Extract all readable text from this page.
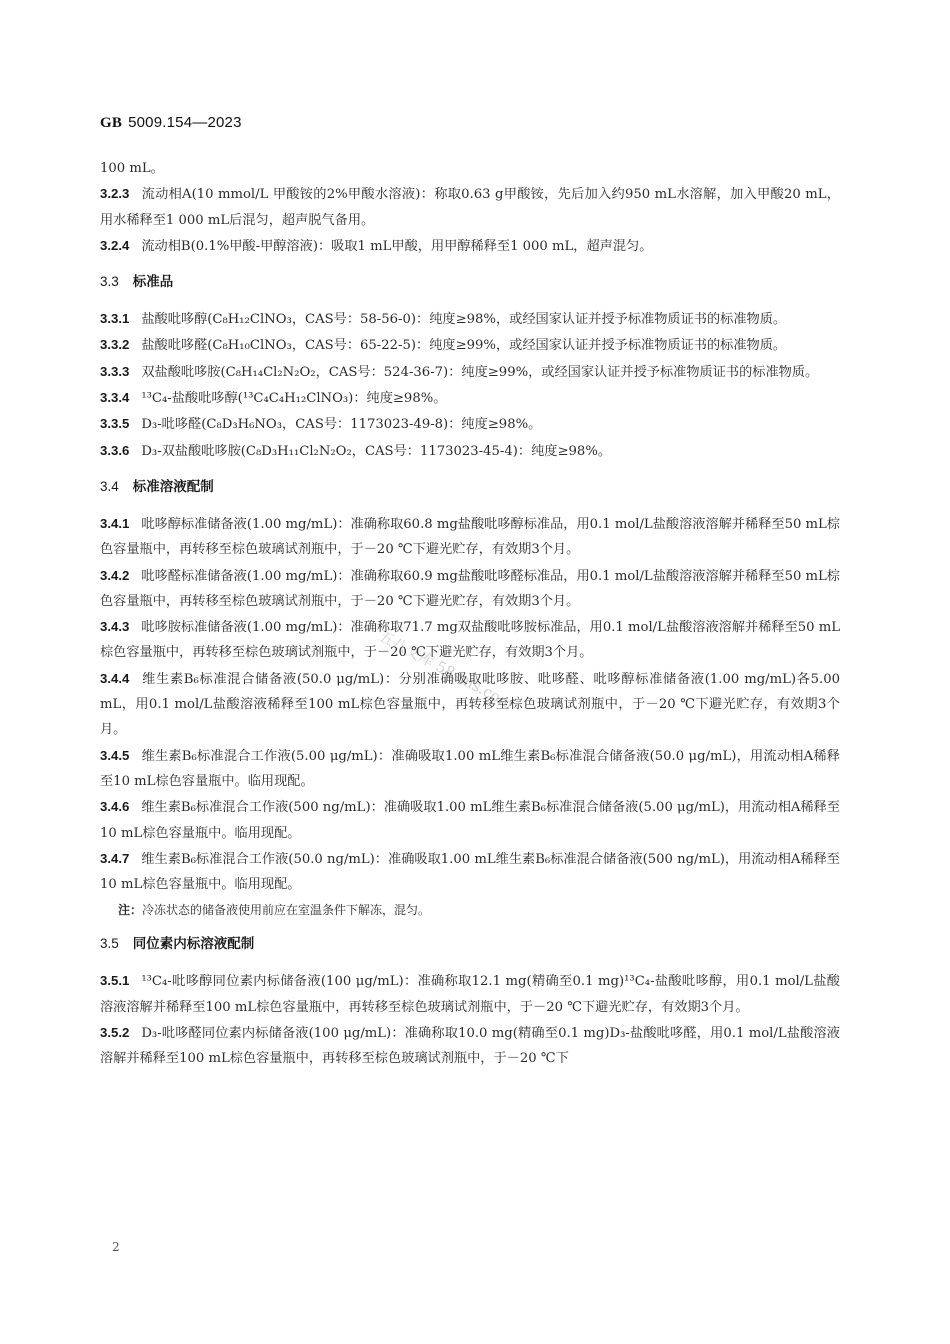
GB 5009.154—2023

100 mL。

3.2.3 流动相A(10 mmol/L 甲酸铵的2%甲酸水溶液)：称取0.63 g甲酸铵，先后加入约950 mL水溶解，加入甲酸20 mL，用水稀释至1 000 mL后混匀，超声脱气备用。

3.2.4 流动相B(0.1%甲酸-甲醇溶液)：吸取1 mL甲酸，用甲醇稀释至1 000 mL，超声混匀。

3.3 标准品

3.3.1 盐酸吡哆醇(C₈H₁₂ClNO₃，CAS号：58-56-0)：纯度≥98%，或经国家认证并授予标准物质证书的标准物质。

3.3.2 盐酸吡哆醛(C₈H₁₀ClNO₃，CAS号：65-22-5)：纯度≥99%，或经国家认证并授予标准物质证书的标准物质。

3.3.3 双盐酸吡哆胺(C₈H₁₄Cl₂N₂O₂，CAS号：524-36-7)：纯度≥99%，或经国家认证并授予标准物质证书的标准物质。

3.3.4 ¹³C₄-盐酸吡哆醇(¹³C₄C₄H₁₂ClNO₃)：纯度≥98%。

3.3.5 D₃-吡哆醛(C₈D₃H₆NO₃，CAS号：1173023-49-8)：纯度≥98%。

3.3.6 D₃-双盐酸吡哆胺(C₈D₃H₁₁Cl₂N₂O₂，CAS号：1173023-45-4)：纯度≥98%。

3.4 标准溶液配制

3.4.1 吡哆醇标准储备液(1.00 mg/mL)：准确称取60.8 mg盐酸吡哆醇标准品，用0.1 mol/L盐酸溶液溶解并稀释至50 mL棕色容量瓶中，再转移至棕色玻璃试剂瓶中，于－20 ℃下避光贮存，有效期3个月。

3.4.2 吡哆醛标准储备液(1.00 mg/mL)：准确称取60.9 mg盐酸吡哆醛标准品，用0.1 mol/L盐酸溶液溶解并稀释至50 mL棕色容量瓶中，再转移至棕色玻璃试剂瓶中，于－20 ℃下避光贮存，有效期3个月。

3.4.3 吡哆胺标准储备液(1.00 mg/mL)：准确称取71.7 mg双盐酸吡哆胺标准品，用0.1 mol/L盐酸溶液溶解并稀释至50 mL棕色容量瓶中，再转移至棕色玻璃试剂瓶中，于－20 ℃下避光贮存，有效期3个月。

3.4.4 维生素B₆标准混合储备液(50.0 μg/mL)：分别准确吸取吡哆胺、吡哆醛、吡哆醇标准储备液(1.00 mg/mL)各5.00 mL，用0.1 mol/L盐酸溶液稀释至100 mL棕色容量瓶中，再转移至棕色玻璃试剂瓶中，于－20 ℃下避光贮存，有效期3个月。

3.4.5 维生素B₆标准混合工作液(5.00 μg/mL)：准确吸取1.00 mL维生素B₆标准混合储备液(50.0 μg/mL)，用流动相A稀释至10 mL棕色容量瓶中。临用现配。

3.4.6 维生素B₆标准混合工作液(500 ng/mL)：准确吸取1.00 mL维生素B₆标准混合储备液(5.00 μg/mL)，用流动相A稀释至10 mL棕色容量瓶中。临用现配。

3.4.7 维生素B₆标准混合工作液(50.0 ng/mL)：准确吸取1.00 mL维生素B₆标准混合储备液(500 ng/mL)，用流动相A稀释至10 mL棕色容量瓶中。临用现配。

注：冷冻状态的储备液使用前应在室温条件下解冻，混匀。
3.5 同位素内标溶液配制

3.5.1 ¹³C₄-吡哆醇同位素内标储备液(100 μg/mL)：准确称取12.1 mg(精确至0.1 mg)¹³C₄-盐酸吡哆醇，用0.1 mol/L盐酸溶液溶解并稀释至100 mL棕色容量瓶中，再转移至棕色玻璃试剂瓶中，于－20 ℃下避光贮存，有效期3个月。

3.5.2 D₃-吡哆醛同位素内标储备液(100 μg/mL)：准确称取10.0 mg(精确至0.1 mg)D₃-盐酸吡哆醛，用0.1 mol/L盐酸溶液溶解并稀释至100 mL棕色容量瓶中，再转移至棕色玻璃试剂瓶中，于－20 ℃下

五八文库 58sms.com
2
